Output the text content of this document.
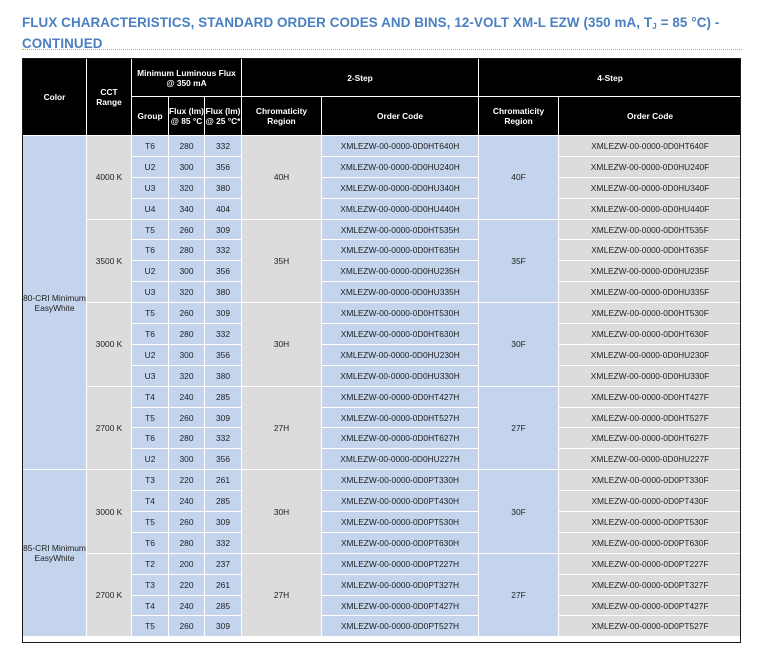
FLUX CHARACTERISTICS, STANDARD ORDER CODES AND BINS, 12-VOLT XM-L EZW (350 mA, $T_J = 85$ °C) - CONTINUED
Color	CCT Range	Minimum Luminous Flux @ 350 mA			2-Step		4-Step	
		Group	Flux (lm) @ 85 °C	Flux (lm) @ 25 °C*	Chromaticity Region	Order Code	Chromaticity Region	Order Code
80-CRI Minimum EasyWhite	4000 K	T6	280	332	40H	XMLEZW-00-0000-0D0HT640H	40F	XMLEZW-00-0000-0D0HT640F
		U2	300	356		XMLEZW-00-0000-0D0HU240H		XMLEZW-00-0000-0D0HU240F
		U3	320	380		XMLEZW-00-0000-0D0HU340H		XMLEZW-00-0000-0D0HU340F
		U4	340	404		XMLEZW-00-0000-0D0HU440H		XMLEZW-00-0000-0D0HU440F
	3500 K	T5	260	309	35H	XMLEZW-00-0000-0D0HT535H	35F	XMLEZW-00-0000-0D0HT535F
		T6	280	332		XMLEZW-00-0000-0D0HT635H		XMLEZW-00-0000-0D0HT635F
		U2	300	356		XMLEZW-00-0000-0D0HU235H		XMLEZW-00-0000-0D0HU235F
		U3	320	380		XMLEZW-00-0000-0D0HU335H		XMLEZW-00-0000-0D0HU335F
	3000 K	T5	260	309	30H	XMLEZW-00-0000-0D0HT530H	30F	XMLEZW-00-0000-0D0HT530F
		T6	280	332		XMLEZW-00-0000-0D0HT630H		XMLEZW-00-0000-0D0HT630F
		U2	300	356		XMLEZW-00-0000-0D0HU230H		XMLEZW-00-0000-0D0HU230F
		U3	320	380		XMLEZW-00-0000-0D0HU330H		XMLEZW-00-0000-0D0HU330F
	2700 K	T4	240	285	27H	XMLEZW-00-0000-0D0HT427H	27F	XMLEZW-00-0000-0D0HT427F
		T5	260	309		XMLEZW-00-0000-0D0HT527H		XMLEZW-00-0000-0D0HT527F
		T6	280	332		XMLEZW-00-0000-0D0HT627H		XMLEZW-00-0000-0D0HT627F
		U2	300	356		XMLEZW-00-0000-0D0HU227H		XMLEZW-00-0000-0D0HU227F
85-CRI Minimum EasyWhite	3000 K	T3	220	261	30H	XMLEZW-00-0000-0D0PT330H	30F	XMLEZW-00-0000-0D0PT330F
		T4	240	285		XMLEZW-00-0000-0D0PT430H		XMLEZW-00-0000-0D0PT430F
		T5	260	309		XMLEZW-00-0000-0D0PT530H		XMLEZW-00-0000-0D0PT530F
		T6	280	332		XMLEZW-00-0000-0D0PT630H		XMLEZW-00-0000-0D0PT630F
	2700 K	T2	200	237	27H	XMLEZW-00-0000-0D0PT227H	27F	XMLEZW-00-0000-0D0PT227F
		T3	220	261		XMLEZW-00-0000-0D0PT327H		XMLEZW-00-0000-0D0PT327F
		T4	240	285		XMLEZW-00-0000-0D0PT427H		XMLEZW-00-0000-0D0PT427F
		T5	260	309		XMLEZW-00-0000-0D0PT527H		XMLEZW-00-0000-0D0PT527F
